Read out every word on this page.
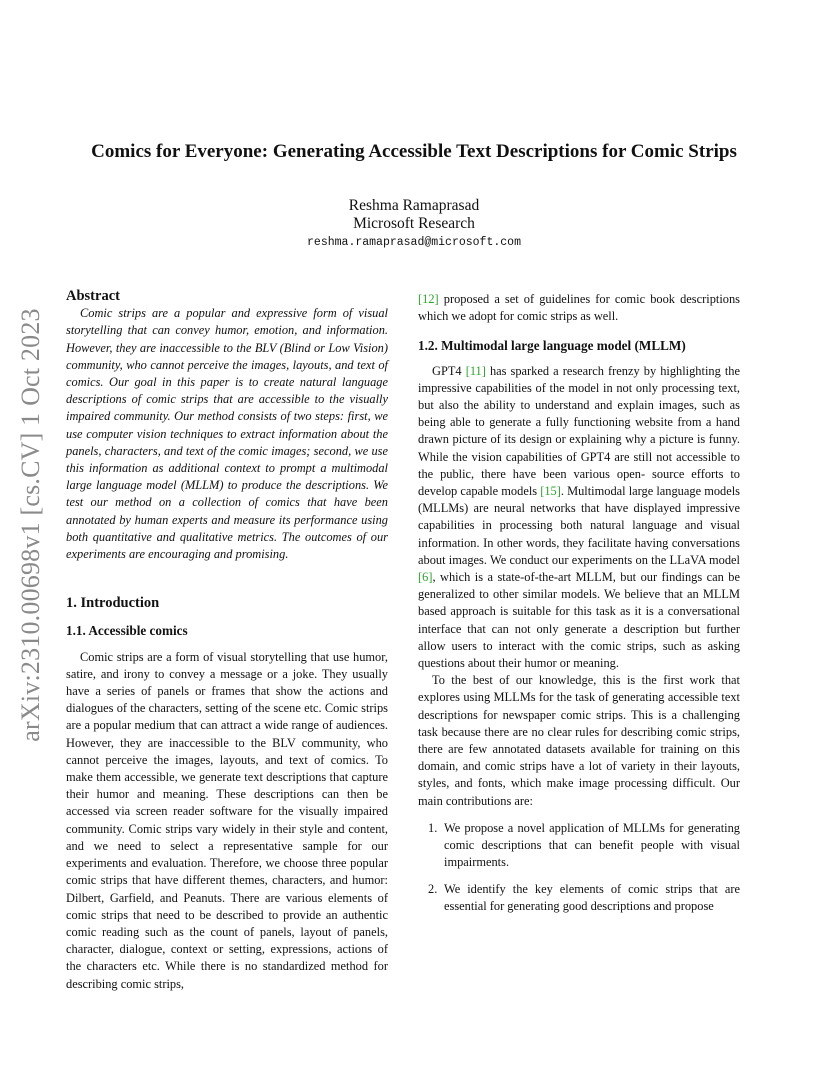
arXiv:2310.00698v1 [cs.CV] 1 Oct 2023
Comics for Everyone: Generating Accessible Text Descriptions for Comic Strips

Reshma Ramaprasad

Microsoft Research

reshma.ramaprasad@microsoft.com

Abstract

Comic strips are a popular and expressive form of visual storytelling that can convey humor, emotion, and information. However, they are inaccessible to the BLV (Blind or Low Vision) community, who cannot perceive the images, layouts, and text of comics. Our goal in this paper is to create natural language descriptions of comic strips that are accessible to the visually impaired community. Our method consists of two steps: first, we use computer vision techniques to extract information about the panels, characters, and text of the comic images; second, we use this information as additional context to prompt a multimodal large language model (MLLM) to produce the descriptions. We test our method on a collection of comics that have been annotated by human experts and measure its performance using both quantitative and qualitative metrics. The outcomes of our experiments are encouraging and promising.

1. Introduction

1.1. Accessible comics

Comic strips are a form of visual storytelling that use humor, satire, and irony to convey a message or a joke. They usually have a series of panels or frames that show the actions and dialogues of the characters, setting of the scene etc. Comic strips are a popular medium that can attract a wide range of audiences. However, they are inaccessible to the BLV community, who cannot perceive the images, layouts, and text of comics. To make them accessible, we generate text descriptions that capture their humor and meaning. These descriptions can then be accessed via screen reader software for the visually impaired community. Comic strips vary widely in their style and content, and we need to select a representative sample for our experiments and evaluation. Therefore, we choose three popular comic strips that have different themes, characters, and humor: Dilbert, Garfield, and Peanuts. There are various elements of comic strips that need to be described to provide an authentic comic reading such as the count of panels, layout of panels, character, dialogue, context or setting, expressions, actions of the characters etc. While there is no standardized method for describing comic strips,

[12] proposed a set of guidelines for comic book descriptions which we adopt for comic strips as well.

1.2. Multimodal large language model (MLLM)

GPT4 [11] has sparked a research frenzy by highlighting the impressive capabilities of the model in not only processing text, but also the ability to understand and explain images, such as being able to generate a fully functioning website from a hand drawn picture of its design or explaining why a picture is funny. While the vision capabilities of GPT4 are still not accessible to the public, there have been various open- source efforts to develop capable models [15]. Multimodal large language models (MLLMs) are neural networks that have displayed impressive capabilities in processing both natural language and visual information. In other words, they facilitate having conversations about images. We conduct our experiments on the LLaVA model [6], which is a state-of-the-art MLLM, but our findings can be generalized to other similar models. We believe that an MLLM based approach is suitable for this task as it is a conversational interface that can not only generate a description but further allow users to interact with the comic strips, such as asking questions about their humor or meaning.

To the best of our knowledge, this is the first work that explores using MLLMs for the task of generating accessible text descriptions for newspaper comic strips. This is a challenging task because there are no clear rules for describing comic strips, there are few annotated datasets available for training on this domain, and comic strips have a lot of variety in their layouts, styles, and fonts, which make image processing difficult. Our main contributions are:

1. We propose a novel application of MLLMs for generating comic descriptions that can benefit people with visual impairments.
2. We identify the key elements of comic strips that are essential for generating good descriptions and propose
